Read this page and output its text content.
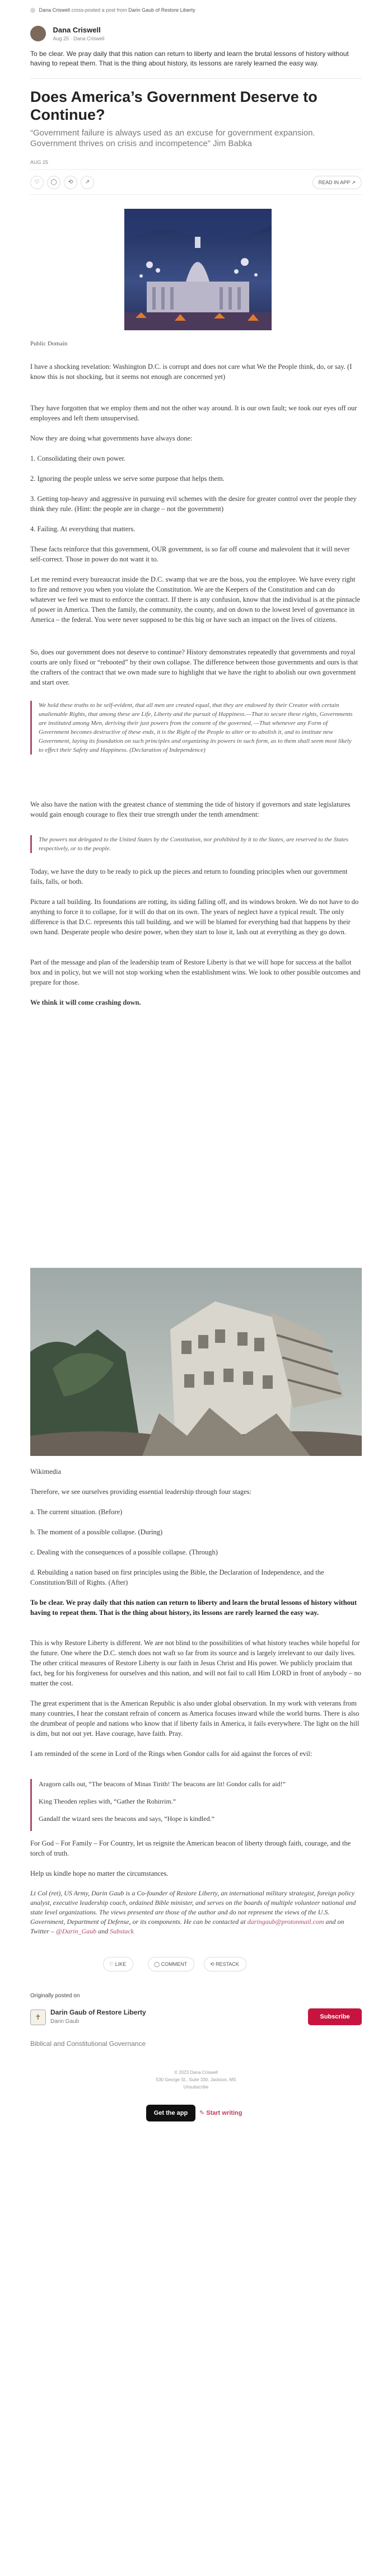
Dana Criswell cross-posted a post from Darin Gaub of Restore Liberty

Dana Criswell
Aug 25 · Dana Criswell
To be clear. We pray daily that this nation can return to liberty and learn the brutal lessons of history without having to repeat them. That is the thing about history, its lessons are rarely learned the easy way.
Does America’s Government Deserve to Continue?
“Government failure is always used as an excuse for government expansion. Government thrives on crisis and incompetence” Jim Babka
AUG 25
♡	◯	⟲	↗	READ IN APP ↗
Public Domain

I have a shocking revelation: Washington D.C. is corrupt and does not care what We the People think, do, or say. (I know this is not shocking, but it seems not enough are concerned yet)

They have forgotten that we employ them and not the other way around. It is our own fault; we took our eyes off our employees and left them unsupervised.

Now they are doing what governments have always done:

1. Consolidating their own power.

2. Ignoring the people unless we serve some purpose that helps them.

3. Getting top-heavy and aggressive in pursuing evil schemes with the desire for greater control over the people they think they rule. (Hint: the people are in charge – not the government)

4. Failing. At everything that matters.

These facts reinforce that this government, OUR government, is so far off course and malevolent that it will never self-correct. Those in power do not want it to.

Let me remind every bureaucrat inside the D.C. swamp that we are the boss, you the employee. We have every right to fire and remove you when you violate the Constitution. We are the Keepers of the Constitution and can do whatever we feel we must to enforce the contract. If there is any confusion, know that the individual is at the pinnacle of power in America. Then the family, the community, the county, and on down to the lowest level of governance in America – the federal. You were never supposed to be this big or have such an impact on the lives of citizens.

So, does our government does not deserve to continue? History demonstrates repeatedly that governments and royal courts are only fixed or “rebooted” by their own collapse. The difference between those governments and ours is that the crafters of the contract that we own made sure to highlight that we have the right to abolish our own government and start over.

We hold these truths to be self-evident, that all men are created equal, that they are endowed by their Creator with certain unalienable Rights, that among these are Life, Liberty and the pursuit of Happiness.—That to secure these rights, Governments are instituted among Men, deriving their just powers from the consent of the governed, —That whenever any Form of Government becomes destructive of these ends, it is the Right of the People to alter or to abolish it, and to institute new Government, laying its foundation on such principles and organizing its powers in such form, as to them shall seem most likely to effect their Safety and Happiness. (Declaration of Independence)

We also have the nation with the greatest chance of stemming the tide of history if governors and state legislatures would gain enough courage to flex their true strength under the tenth amendment:

The powers not delegated to the United States by the Constitution, nor prohibited by it to the States, are reserved to the States respectively, or to the people.

Today, we have the duty to be ready to pick up the pieces and return to founding principles when our government fails, falls, or both.

Picture a tall building. Its foundations are rotting, its siding falling off, and its windows broken. We do not have to do anything to force it to collapse, for it will do that on its own. The years of neglect have a typical result. The only difference is that D.C. represents this tall building, and we will be blamed for everything bad that happens by their own hand. Desperate people who desire power, when they start to lose it, lash out at everything as they go down.

Part of the message and plan of the leadership team of Restore Liberty is that we will hope for success at the ballot box and in policy, but we will not stop working when the establishment wins. We look to other possible outcomes and prepare for those.

We think it will come crashing down.

Wikimedia

Therefore, we see ourselves providing essential leadership through four stages:

a. The current situation. (Before)

b. The moment of a possible collapse. (During)

c. Dealing with the consequences of a possible collapse. (Through)

d. Rebuilding a nation based on first principles using the Bible, the Declaration of Independence, and the Constitution/Bill of Rights. (After)

To be clear. We pray daily that this nation can return to liberty and learn the brutal lessons of history without having to repeat them. That is the thing about history, its lessons are rarely learned the easy way.

This is why Restore Liberty is different. We are not blind to the possibilities of what history teaches while hopeful for the future. One where the D.C. stench does not waft so far from its source and is largely irrelevant to our daily lives. The other critical measures of Restore Liberty is our faith in Jesus Christ and His power. We publicly proclaim that fact, beg for his forgiveness for ourselves and this nation, and will not fail to call Him LORD in front of anybody – no matter the cost.

The great experiment that is the American Republic is also under global observation. In my work with veterans from many countries, I hear the constant refrain of concern as America focuses inward while the world burns. There is also the drumbeat of people and nations who know that if liberty fails in America, it fails everywhere. The light on the hill is dim, but not out yet. Have courage, have faith. Pray.

I am reminded of the scene in Lord of the Rings when Gondor calls for aid against the forces of evil:

Aragorn calls out, “The beacons of Minas Tirith! The beacons are lit! Gondor calls for aid!”

King Theoden replies with, “Gather the Rohirrim.”

Gandalf the wizard sees the beacons and says, “Hope is kindled.”

For God – For Family – For Country, let us reignite the American beacon of liberty through faith, courage, and the torch of truth.

Help us kindle hope no matter the circumstances.

Lt Col (ret), US Army, Darin Gaub is a Co-founder of Restore Liberty, an international military strategist, foreign policy analyst, executive leadership coach, ordained Bible minister, and serves on the boards of multiple volunteer national and state level organizations. The views presented are those of the author and do not represent the views of the U.S. Government, Department of Defense, or its components. He can be contacted at daringaub@protonmail.com and on Twitter – @Darin_Gaub and Substack
♡ LIKE	◯ COMMENT	⟲ RESTACK
Originally posted on
✝
Darin Gaub of Restore Liberty
Darin Gaub
Subscribe
Biblical and Constitutional Governance
© 2023 Dana Criswell
530 George St., Suite 330, Jackson, MS
Unsubscribe
Get the app	✎ Start writing
